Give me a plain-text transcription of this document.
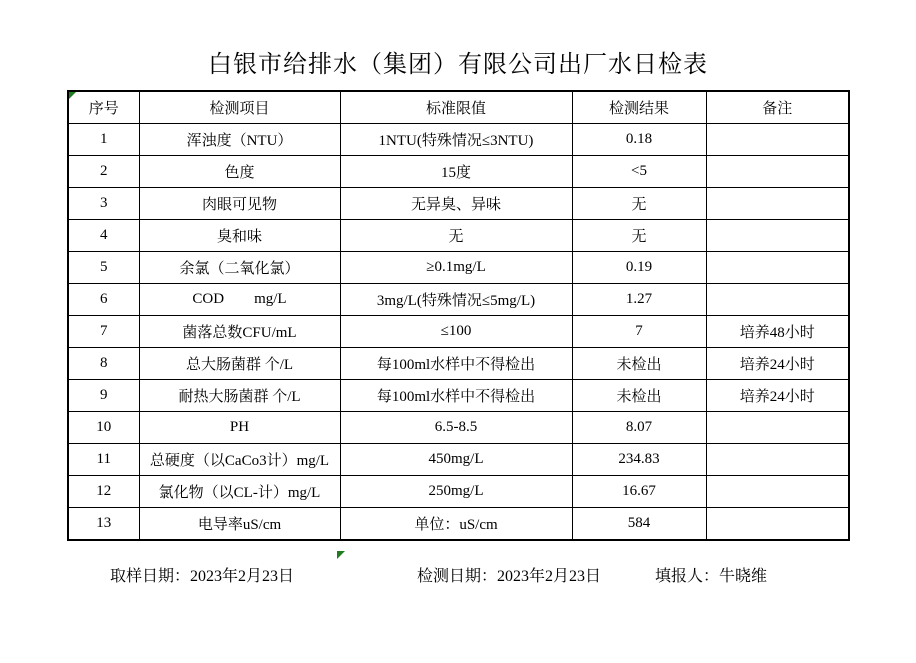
白银市给排水（集团）有限公司出厂水日检表
序号	检测项目	标准限值	检测结果	备注
1	浑浊度（NTU）	1NTU(特殊情况≤3NTU)	0.18	
2	色度	15度	<5	
3	肉眼可见物	无异臭、异味	无	
4	臭和味	无	无	
5	余氯（二氧化氯）	≥0.1mg/L	0.19	
6	COD        mg/L	3mg/L(特殊情况≤5mg/L)	1.27	
7	菌落总数CFU/mL	≤100	7	培养48小时
8	总大肠菌群 个/L	每100ml水样中不得检出	未检出	培养24小时
9	耐热大肠菌群 个/L	每100ml水样中不得检出	未检出	培养24小时
10	PH	6.5-8.5	8.07	
11	总硬度（以CaCo3计）mg/L	450mg/L	234.83	
12	氯化物（以CL-计）mg/L	250mg/L	16.67	
13	电导率uS/cm	单位：uS/cm	584	
取样日期：2023年2月23日	检测日期：2023年2月23日	填报人：牛晓维
